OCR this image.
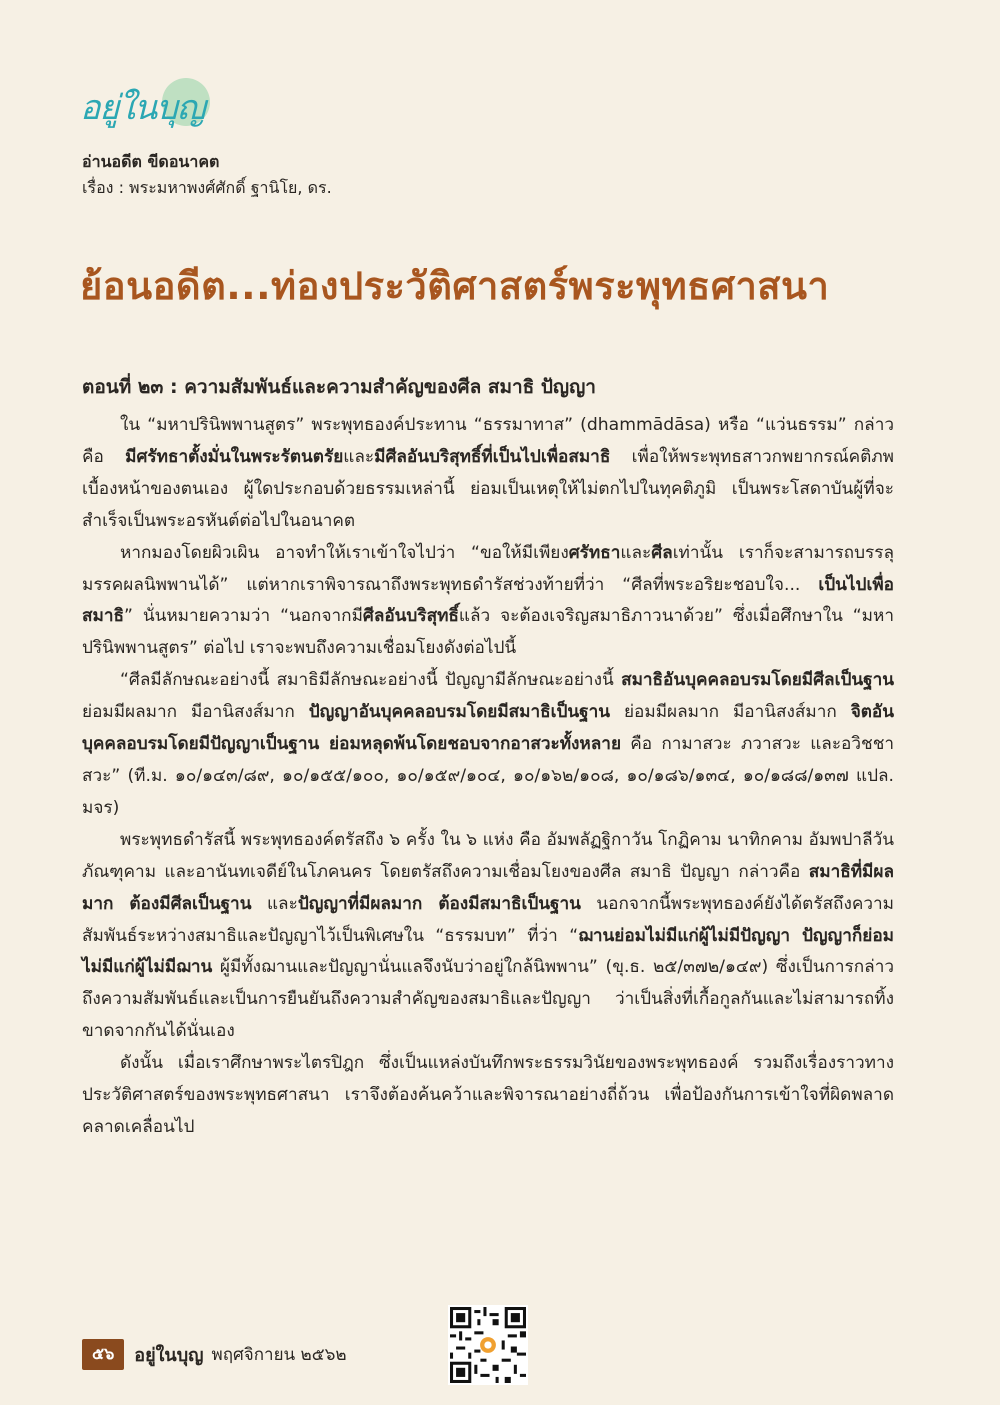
อยู่ในบุญ
อ่านอดีต ขีดอนาคต
เรื่อง : พระมหาพงศ์ศักดิ์ ฐานิโย, ดร.
ย้อนอดีต...ท่องประวัติศาสตร์พระพุทธศาสนา
ตอนที่ ๒๓ : ความสัมพันธ์และความสำคัญของศีล สมาธิ ปัญญา

ใน “มหาปรินิพพานสูตร” พระพุทธองค์ประทาน “ธรรมาทาส” (dhammādāsa) หรือ “แว่นธรรม” กล่าวคือ มีศรัทธาตั้งมั่นในพระรัตนตรัยและมีศีลอันบริสุทธิ์ที่เป็นไปเพื่อสมาธิ เพื่อให้พระพุทธสาวกพยากรณ์คติภพเบื้องหน้าของตนเอง ผู้ใดประกอบด้วยธรรมเหล่านี้ ย่อมเป็นเหตุให้ไม่ตกไปในทุคติภูมิ เป็นพระโสดาบันผู้ที่จะสำเร็จเป็นพระอรหันต์ต่อไปในอนาคต

หากมองโดยผิวเผิน อาจทำให้เราเข้าใจไปว่า “ขอให้มีเพียงศรัทธาและศีลเท่านั้น เราก็จะสามารถบรรลุมรรคผลนิพพานได้” แต่หากเราพิจารณาถึงพระพุทธดำรัสช่วงท้ายที่ว่า “ศีลที่พระอริยะชอบใจ... เป็นไปเพื่อสมาธิ” นั่นหมายความว่า “นอกจากมีศีลอันบริสุทธิ์แล้ว จะต้องเจริญสมาธิภาวนาด้วย” ซึ่งเมื่อศึกษาใน “มหาปรินิพพานสูตร” ต่อไป เราจะพบถึงความเชื่อมโยงดังต่อไปนี้

“ศีลมีลักษณะอย่างนี้ สมาธิมีลักษณะอย่างนี้ ปัญญามีลักษณะอย่างนี้ สมาธิอันบุคคลอบรมโดยมีศีลเป็นฐาน ย่อมมีผลมาก มีอานิสงส์มาก ปัญญาอันบุคคลอบรมโดยมีสมาธิเป็นฐาน ย่อมมีผลมาก มีอานิสงส์มาก จิตอันบุคคลอบรมโดยมีปัญญาเป็นฐาน ย่อมหลุดพ้นโดยชอบจากอาสวะทั้งหลาย คือ กามาสวะ ภวาสวะ และอวิชชาสวะ” (ที.ม. ๑๐/๑๔๓/๘๙, ๑๐/๑๕๕/๑๐๐, ๑๐/๑๕๙/๑๐๔, ๑๐/๑๖๒/๑๐๘, ๑๐/๑๘๖/๑๓๔, ๑๐/๑๘๘/๑๓๗ แปล. มจร)

พระพุทธดำรัสนี้ พระพุทธองค์ตรัสถึง ๖ ครั้ง ใน ๖ แห่ง คือ อัมพลัฏฐิกาวัน โกฏิคาม นาทิกคาม อัมพปาลีวัน ภัณฑุคาม และอานันทเจดีย์ในโภคนคร โดยตรัสถึงความเชื่อมโยงของศีล สมาธิ ปัญญา กล่าวคือ สมาธิที่มีผลมาก ต้องมีศีลเป็นฐาน และปัญญาที่มีผลมาก ต้องมีสมาธิเป็นฐาน นอกจากนี้พระพุทธองค์ยังได้ตรัสถึงความสัมพันธ์ระหว่างสมาธิและปัญญาไว้เป็นพิเศษใน “ธรรมบท” ที่ว่า “ฌานย่อมไม่มีแก่ผู้ไม่มีปัญญา ปัญญาก็ย่อมไม่มีแก่ผู้ไม่มีฌาน ผู้มีทั้งฌานและปัญญานั่นแลจึงนับว่าอยู่ใกล้นิพพาน” (ขุ.ธ. ๒๕/๓๗๒/๑๔๙) ซึ่งเป็นการกล่าวถึงความสัมพันธ์และเป็นการยืนยันถึงความสำคัญของสมาธิและปัญญา ว่าเป็นสิ่งที่เกื้อกูลกันและไม่สามารถทิ้งขาดจากกันได้นั่นเอง

ดังนั้น เมื่อเราศึกษาพระไตรปิฎก ซึ่งเป็นแหล่งบันทึกพระธรรมวินัยของพระพุทธองค์ รวมถึงเรื่องราวทางประวัติศาสตร์ของพระพุทธศาสนา เราจึงต้องค้นคว้าและพิจารณาอย่างถี่ถ้วน เพื่อป้องกันการเข้าใจที่ผิดพลาดคลาดเคลื่อนไป

๕๖	อยู่ในบุญ พฤศจิกายน ๒๕๖๒
